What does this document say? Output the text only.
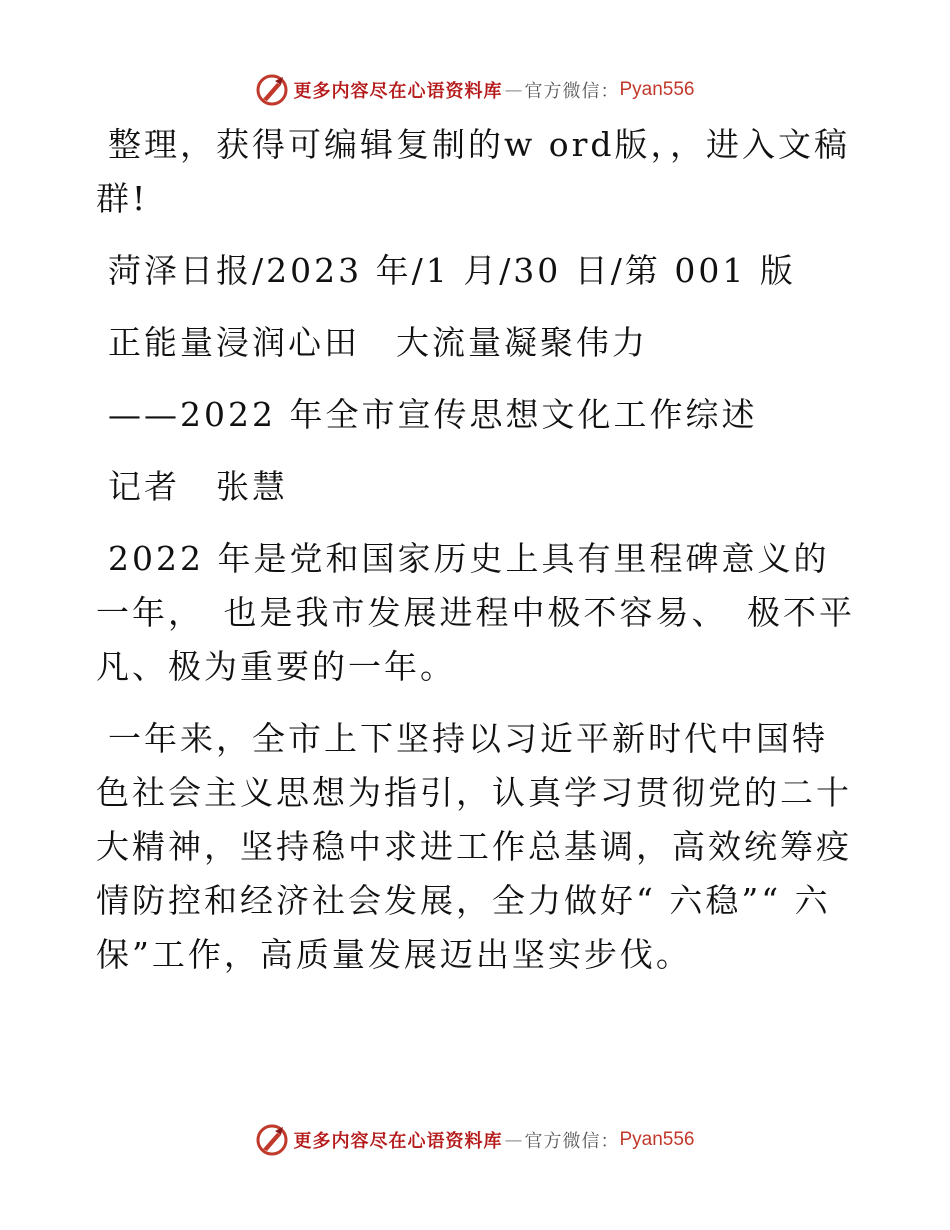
更多内容尽在心语资料库 — 官方微信： Pyan556

整理，获得可编辑复制的w ord版，，进入文稿群!

菏泽日报/2023 年/1 月/30 日/第 001 版

正能量浸润心田　大流量凝聚伟力

——2022 年全市宣传思想文化工作综述

记者　张慧

2022 年是党和国家历史上具有里程碑意义的一年，　也是我市发展进程中极不容易、　极不平凡、极为重要的一年。

一年来，全市上下坚持以习近平新时代中国特色社会主义思想为指引，认真学习贯彻党的二十大精神，坚持稳中求进工作总基调，高效统筹疫情防控和经济社会发展，全力做好“ 六稳”“ 六保”工作，高质量发展迈出坚实步伐。

更多内容尽在心语资料库 — 官方微信： Pyan556
